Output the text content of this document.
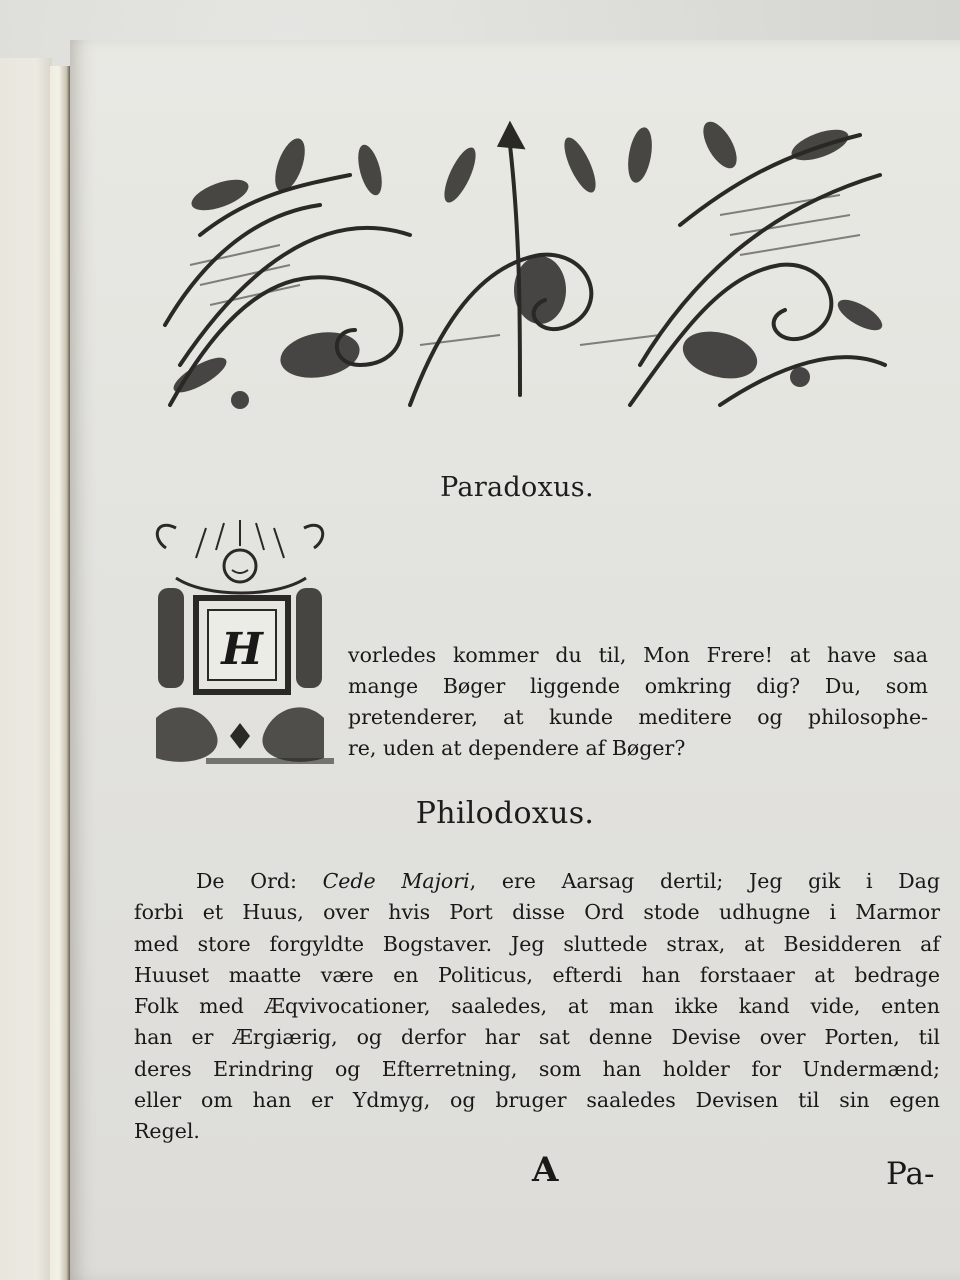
Paradoxus.
H	vorledes kommer du til, Mon Frere! at have saa
mange Bøger liggende omkring dig? Du, som
pretenderer, at kunde meditere og philosophe-
re, uden at dependere af Bøger?
Philodoxus.
De Ord: Cede Majori, ere Aarsag dertil; Jeg gik i Dag
forbi et Huus, over hvis Port disse Ord stode udhugne i Marmor
med store forgyldte Bogstaver. Jeg sluttede strax, at Besidderen af
Huuset maatte være en Politicus, efterdi han forstaaer at bedrage
Folk med Æqvivocationer, saaledes, at man ikke kand vide, enten
han er Ærgiærig, og derfor har sat denne Devise over Porten, til
deres Erindring og Efterretning, som han holder for Undermænd;
eller om han er Ydmyg, og bruger saaledes Devisen til sin egen
Regel.
A	Pa-
